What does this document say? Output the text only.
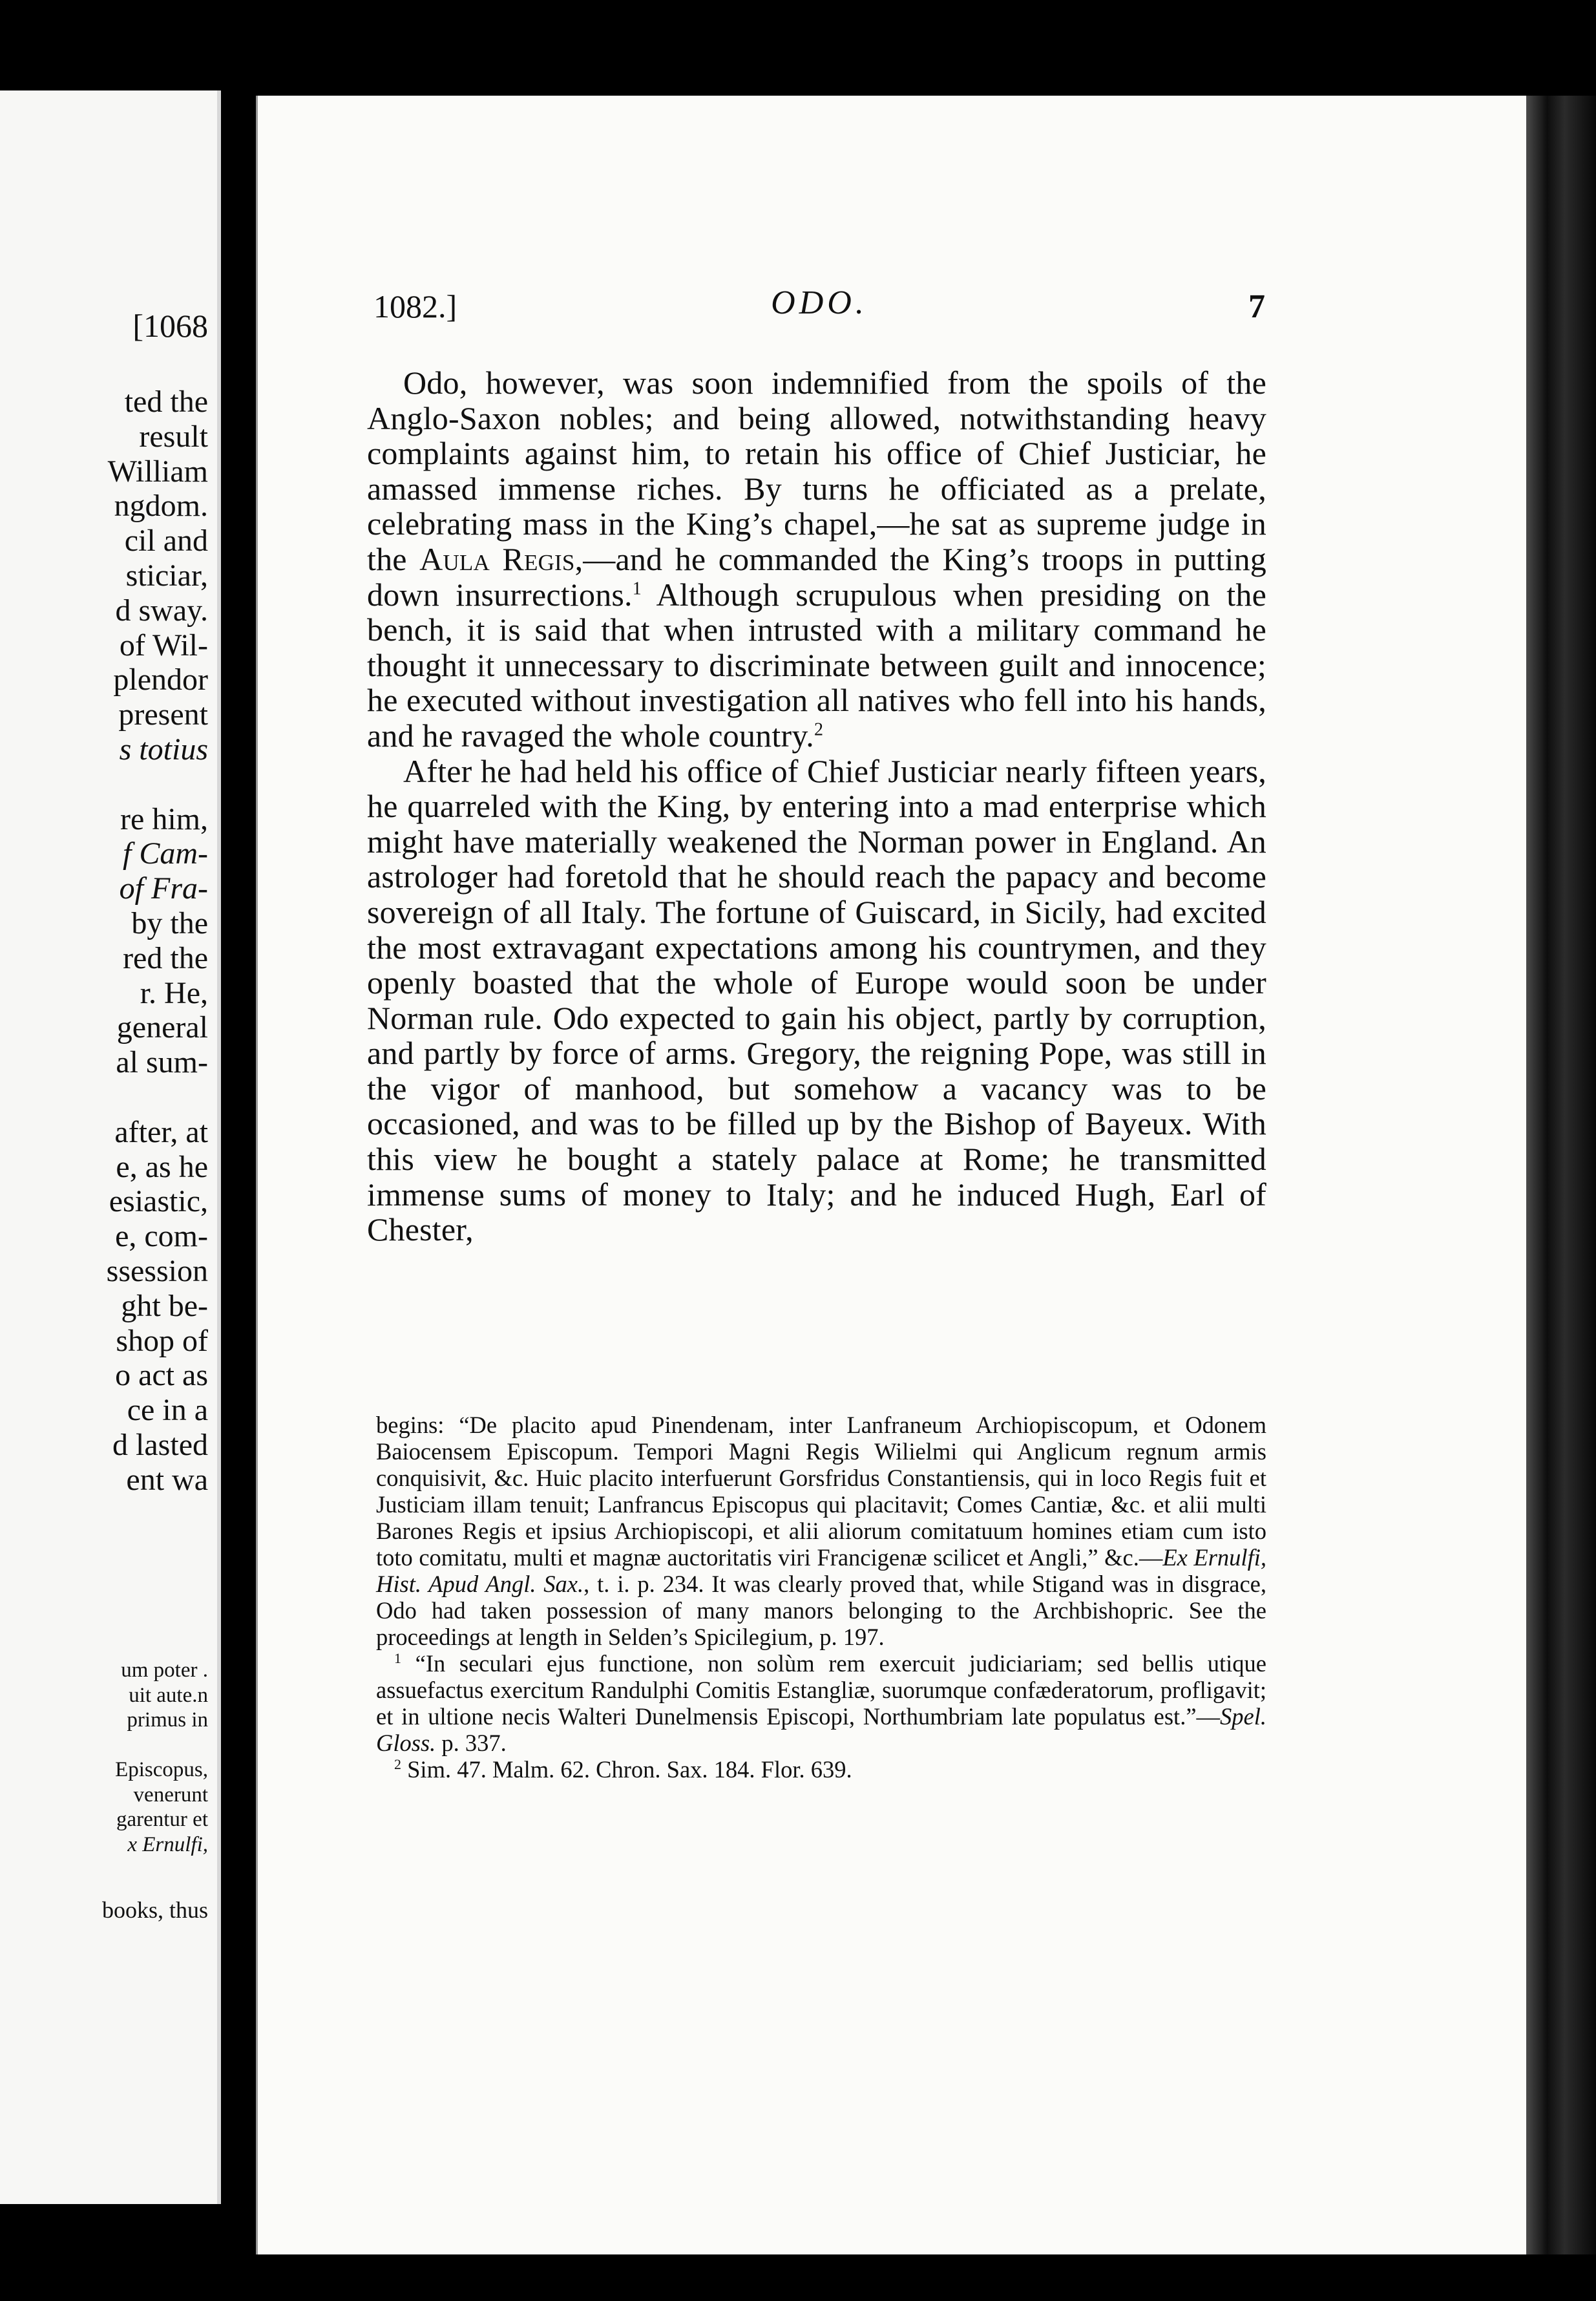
[1068
ted the
result
William
ngdom.
cil and
sticiar,
d sway.
of Wil-
plendor
present
s totius

re him,
f Cam-
of Fra-
by the
red the
r. He,
general
al sum-

after, at
e, as he
esiastic,
e, com-
ssession
ght be-
shop of
o act as
ce in a
d lasted
ent wa
um poter .
uit aute.n
primus in

Episcopus,
venerunt
garentur et
x Ernulfi,
books, thus
1082.]	ODO.	7

Odo, however, was soon indemnified from the spoils of the Anglo-Saxon nobles; and being allowed, notwithstanding heavy complaints against him, to retain his office of Chief Justiciar, he amassed immense riches. By turns he officiated as a prelate, celebrating mass in the King’s chapel,—he sat as supreme judge in the Aula Regis,—and he commanded the King’s troops in putting down insurrections.$^1$ Although scrupulous when presiding on the bench, it is said that when intrusted with a military command he thought it unnecessary to discriminate between guilt and innocence; he executed without investigation all natives who fell into his hands, and he ravaged the whole country.$^2$

After he had held his office of Chief Justiciar nearly fifteen years, he quarreled with the King, by entering into a mad enterprise which might have materially weakened the Norman power in England. An astrologer had foretold that he should reach the papacy and become sovereign of all Italy. The fortune of Guiscard, in Sicily, had excited the most extravagant expectations among his countrymen, and they openly boasted that the whole of Europe would soon be under Norman rule. Odo expected to gain his object, partly by corruption, and partly by force of arms. Gregory, the reigning Pope, was still in the vigor of manhood, but somehow a vacancy was to be occasioned, and was to be filled up by the Bishop of Bayeux. With this view he bought a stately palace at Rome; he transmitted immense sums of money to Italy; and he induced Hugh, Earl of Chester,

begins: “De placito apud Pinendenam, inter Lanfraneum Archiopiscopum, et Odonem Baiocensem Episcopum. Tempori Magni Regis Wilielmi qui Anglicum regnum armis conquisivit, &c. Huic placito interfuerunt Gorsfridus Constantiensis, qui in loco Regis fuit et Justiciam illam tenuit; Lanfrancus Episcopus qui placitavit; Comes Cantiæ, &c. et alii multi Barones Regis et ipsius Archiopiscopi, et alii aliorum comitatuum homines etiam cum isto toto comitatu, multi et magnæ auctoritatis viri Francigenæ scilicet et Angli,” &c.—Ex Ernulfi, Hist. Apud Angl. Sax., t. i. p. 234. It was clearly proved that, while Stigand was in disgrace, Odo had taken possession of many manors belonging to the Archbishopric. See the proceedings at length in Selden’s Spicilegium, p. 197.

$^1$ “In seculari ejus functione, non solùm rem exercuit judiciariam; sed bellis utique assuefactus exercitum Randulphi Comitis Estangliæ, suorumque confæderatorum, profligavit; et in ultione necis Walteri Dunelmensis Episcopi, Northumbriam late populatus est.”—Spel. Gloss. p. 337.

$^2$ Sim. 47. Malm. 62. Chron. Sax. 184. Flor. 639.
